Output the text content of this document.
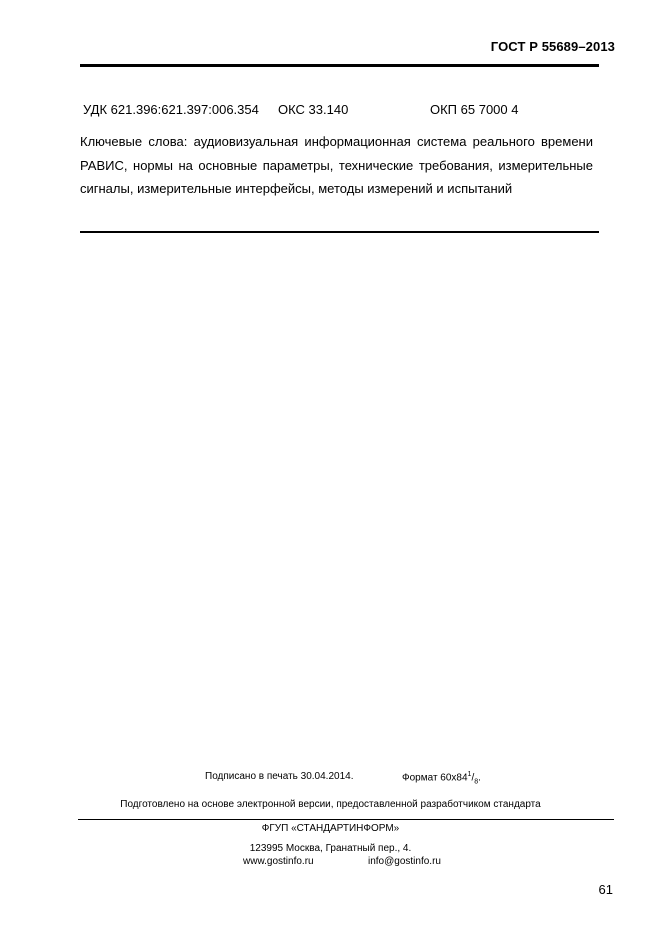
ГОСТ Р 55689–2013
УДК 621.396:621.397:006.354 ОКС 33.140	ОКП 65 7000 4
Ключевые слова: аудиовизуальная информационная система реального времени РАВИС, нормы на основные параметры, технические требования, измерительные сигналы, измерительные интерфейсы, методы измерений и испытаний
Подписано в печать 30.04.2014.	Формат $60x84^1/_8$.
Подготовлено на основе электронной версии, предоставленной разработчиком стандарта
ФГУП «СТАНДАРТИНФОРМ»
123995 Москва, Гранатный пер., 4.
www.gostinfo.ru	info@gostinfo.ru
61
